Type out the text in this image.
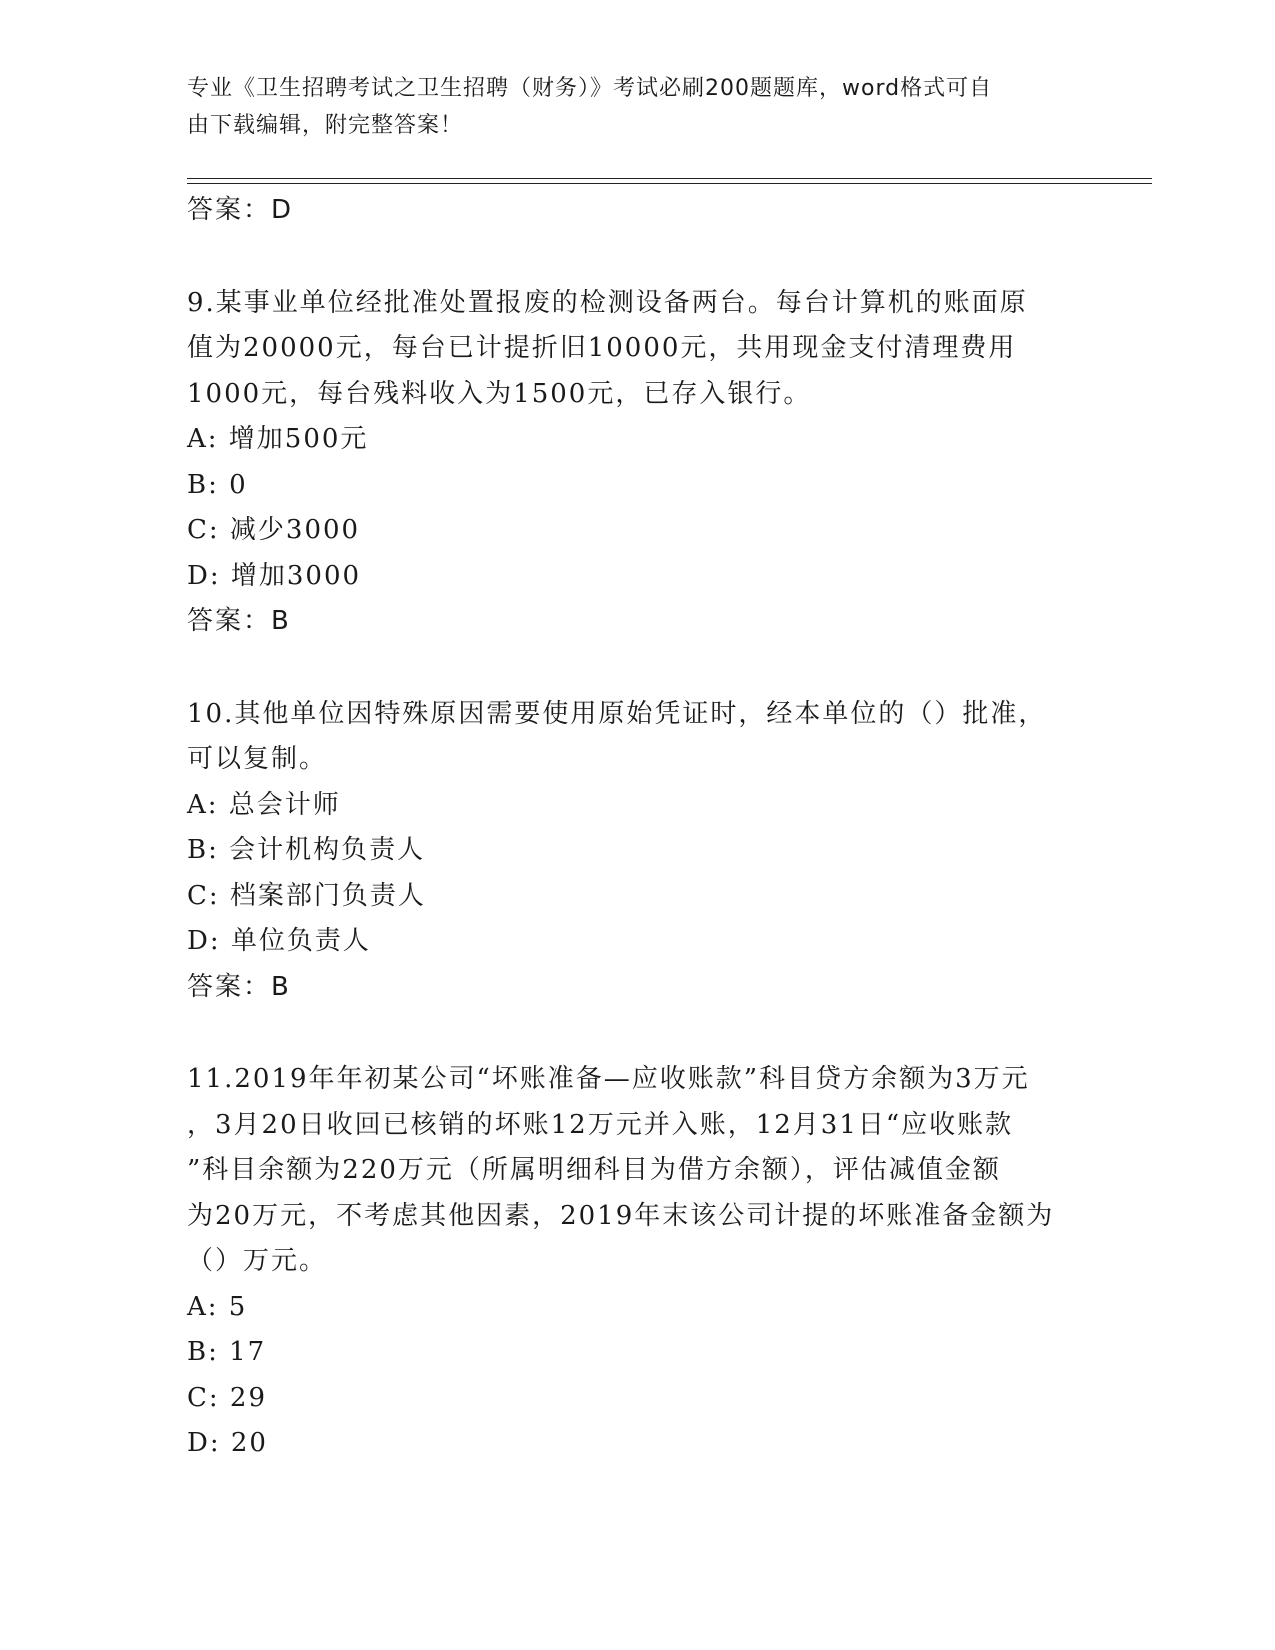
专业《卫生招聘考试之卫生招聘（财务）》考试必刷200题题库，word格式可自
由下载编辑，附完整答案！

答案：D

9.某事业单位经批准处置报废的检测设备两台。每台计算机的账面原

值为20000元，每台已计提折旧10000元，共用现金支付清理费用

1000元，每台残料收入为1500元，已存入银行。

A: 增加500元

B: 0

C: 减少3000

D: 增加3000

答案：B

10.其他单位因特殊原因需要使用原始凭证时，经本单位的（）批准，

可以复制。

A: 总会计师

B: 会计机构负责人

C: 档案部门负责人

D: 单位负责人

答案：B

11.2019年年初某公司“坏账准备—应收账款”科目贷方余额为3万元

，3月20日收回已核销的坏账12万元并入账，12月31日“应收账款

”科目余额为220万元（所属明细科目为借方余额），评估减值金额

为20万元，不考虑其他因素，2019年末该公司计提的坏账准备金额为

（）万元。

A: 5

B: 17

C: 29

D: 20
